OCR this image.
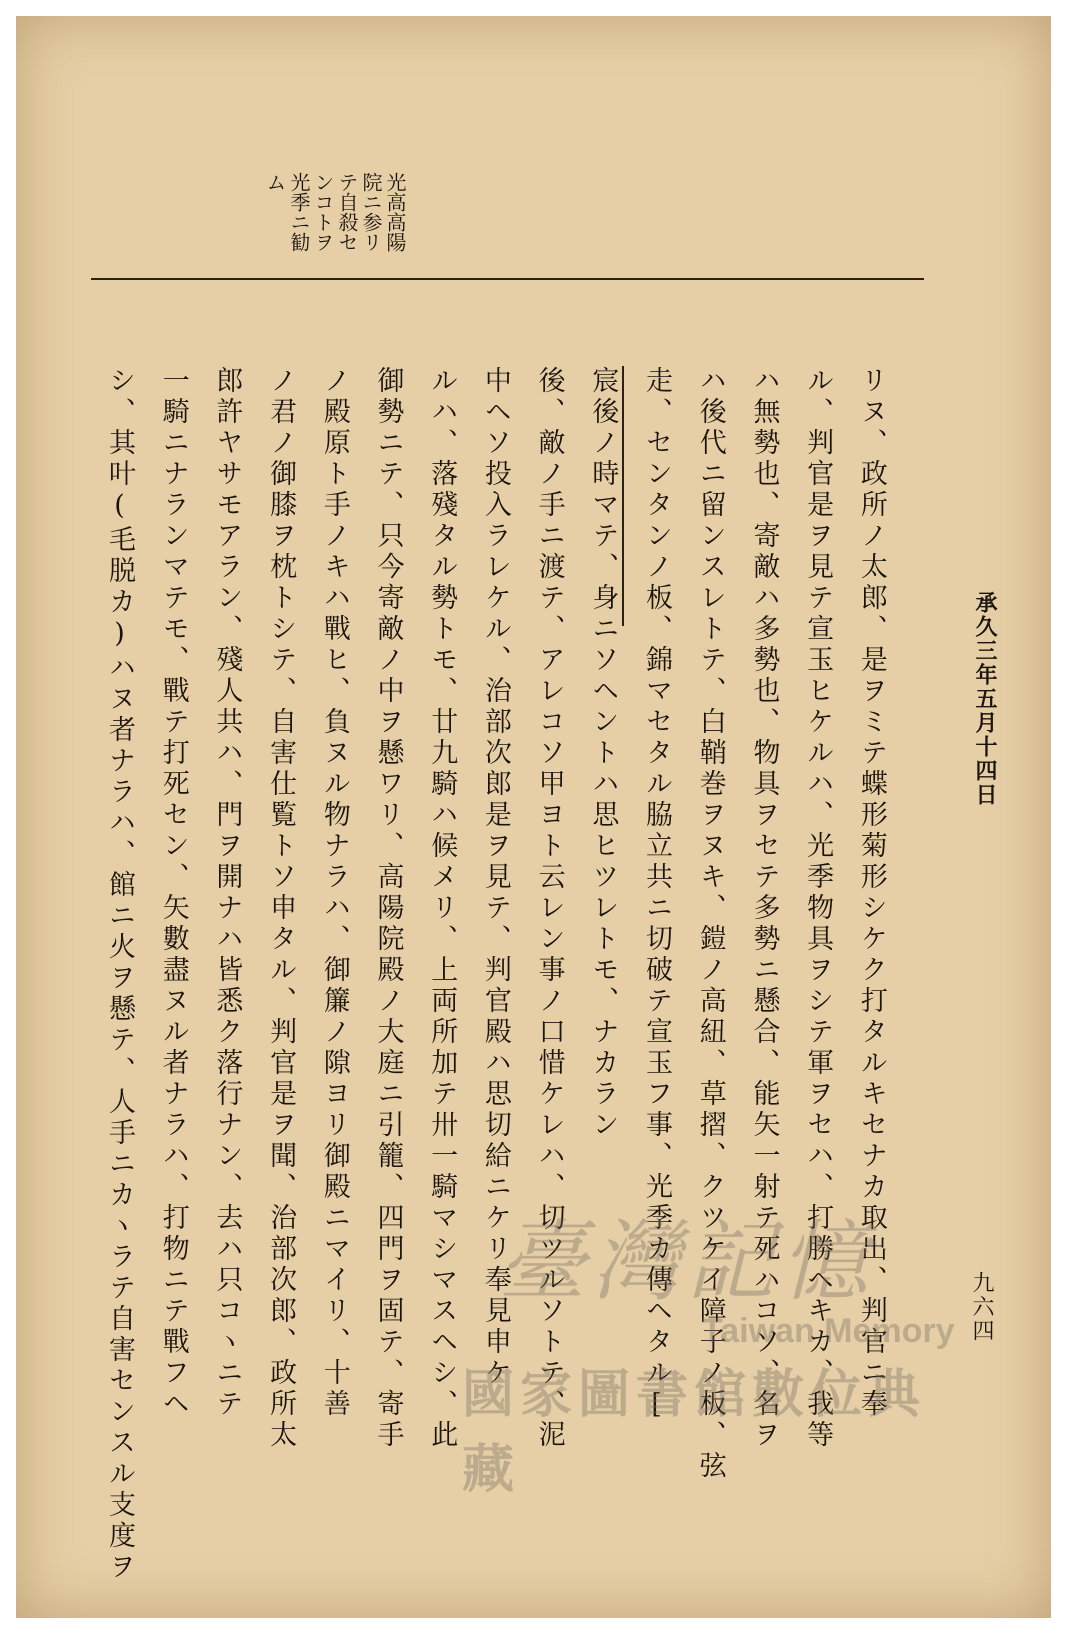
承久三年五月十四日
光高高陽
院ニ参リ
テ自殺セ
ンコトヲ
光季ニ勧
ム
リヌ、政所ノ太郎、是ヲミテ蝶形菊形シケク打タルキセナカ取出、判官ニ奉
ル、判官是ヲ見テ宣玉ヒケルハ、光季物具ヲシテ軍ヲセハ、打勝ヘキカ、我等
ハ無勢也、寄敵ハ多勢也、物具ヲセテ多勢ニ懸合、能矢一射テ死ハコソ、名ヲ
ハ後代ニ留ンスレトテ、白鞘巻ヲヌキ、鎧ノ高紐、草摺、クツケイ障子ノ板、弦
走、センタンノ板、錦マセタル脇立共ニ切破テ宣玉フ事、光季カ傳ヘタル[
宸後ノ時マテ、身ニソヘントハ思ヒツレトモ、ナカラン
後、敵ノ手ニ渡テ、アレコソ甲ヨト云レン事ノ口惜ケレハ、切ツルソトテ、泥
中ヘソ投入ラレケル、治部次郎是ヲ見テ、判官殿ハ思切給ニケリ奉見申ケ
ルハ、落殘タル勢トモ、廿九騎ハ候メリ、上両所加テ卅一騎マシマスヘシ、此
御勢ニテ、只今寄敵ノ中ヲ懸ワリ、高陽院殿ノ大庭ニ引籠、四門ヲ固テ、寄手
ノ殿原ト手ノキハ戰ヒ、負ヌル物ナラハ、御簾ノ隙ヨリ御殿ニマイリ、十善
ノ君ノ御膝ヲ枕トシテ、自害仕覧トソ申タル、判官是ヲ聞、治部次郎、政所太
郎許ヤサモアラン、殘人共ハ、門ヲ開ナハ皆悉ク落行ナン、去ハ只コヽニテ
一騎ニナランマテモ、戰テ打死セン、矢數盡ヌル者ナラハ、打物ニテ戰フヘ
シ、其叶(毛脱カ)ハヌ者ナラハ、館ニ火ヲ懸テ、人手ニカヽラテ自害センスル支度ヲ	九六四
臺灣記憶
Taiwan Memory
國家圖書館數位典藏
